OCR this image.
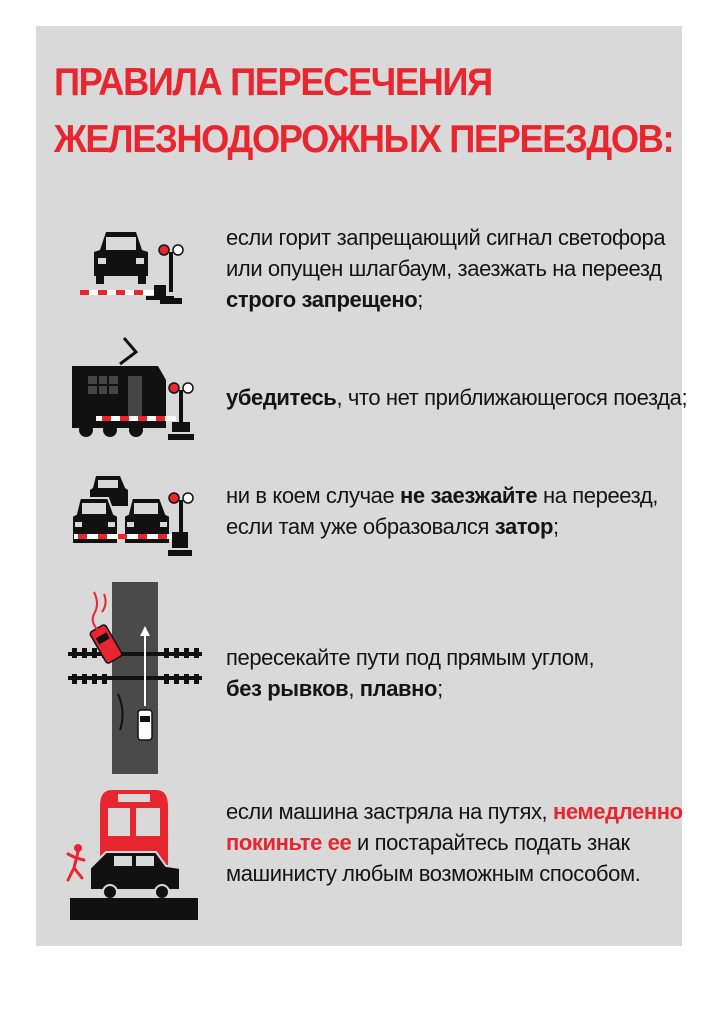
ПРАВИЛА ПЕРЕСЕЧЕНИЯ
ЖЕЛЕЗНОДОРОЖНЫХ ПЕРЕЕЗДОВ:
если горит запрещающий сигнал светофора
или опущен шлагбаум, заезжать на переезд
строго запрещено;
убедитесь, что нет приближающегося поезда;
ни в коем случае не заезжайте на переезд,
если там уже образовался затор;
пересекайте пути под прямым углом,
без рывков, плавно;
если машина застряла на путях, немедленно
покиньте ее и постарайтесь подать знак
машинисту любым возможным способом.
